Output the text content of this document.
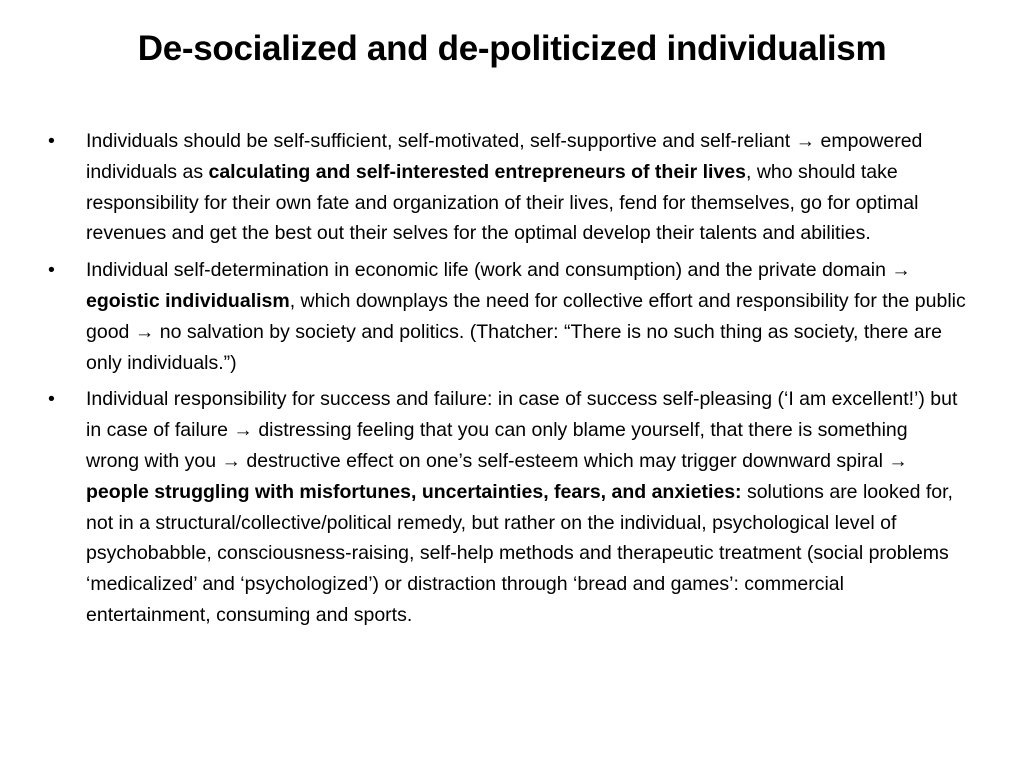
De-socialized and de-politicized individualism
• Individuals should be self-sufficient, self-motivated, self-supportive and self-reliant → empowered individuals as calculating and self-interested entrepreneurs of their lives, who should take responsibility for their own fate and organization of their lives, fend for themselves, go for optimal revenues and get the best out their selves for the optimal develop their talents and abilities.
• Individual self-determination in economic life (work and consumption) and the private domain → egoistic individualism, which downplays the need for collective effort and responsibility for the public good → no salvation by society and politics. (Thatcher: “There is no such thing as society, there are only individuals.”)
• Individual responsibility for success and failure: in case of success self-pleasing (‘I am excellent!’) but in case of failure → distressing feeling that you can only blame yourself, that there is something wrong with you → destructive effect on one’s self-esteem which may trigger downward spiral → people struggling with misfortunes, uncertainties, fears, and anxieties: solutions are looked for, not in a structural/collective/political remedy, but rather on the individual, psychological level of psychobabble, consciousness-raising, self-help methods and therapeutic treatment (social problems ‘medicalized’ and ‘psychologized’) or distraction through ‘bread and games’: commercial entertainment, consuming and sports.
